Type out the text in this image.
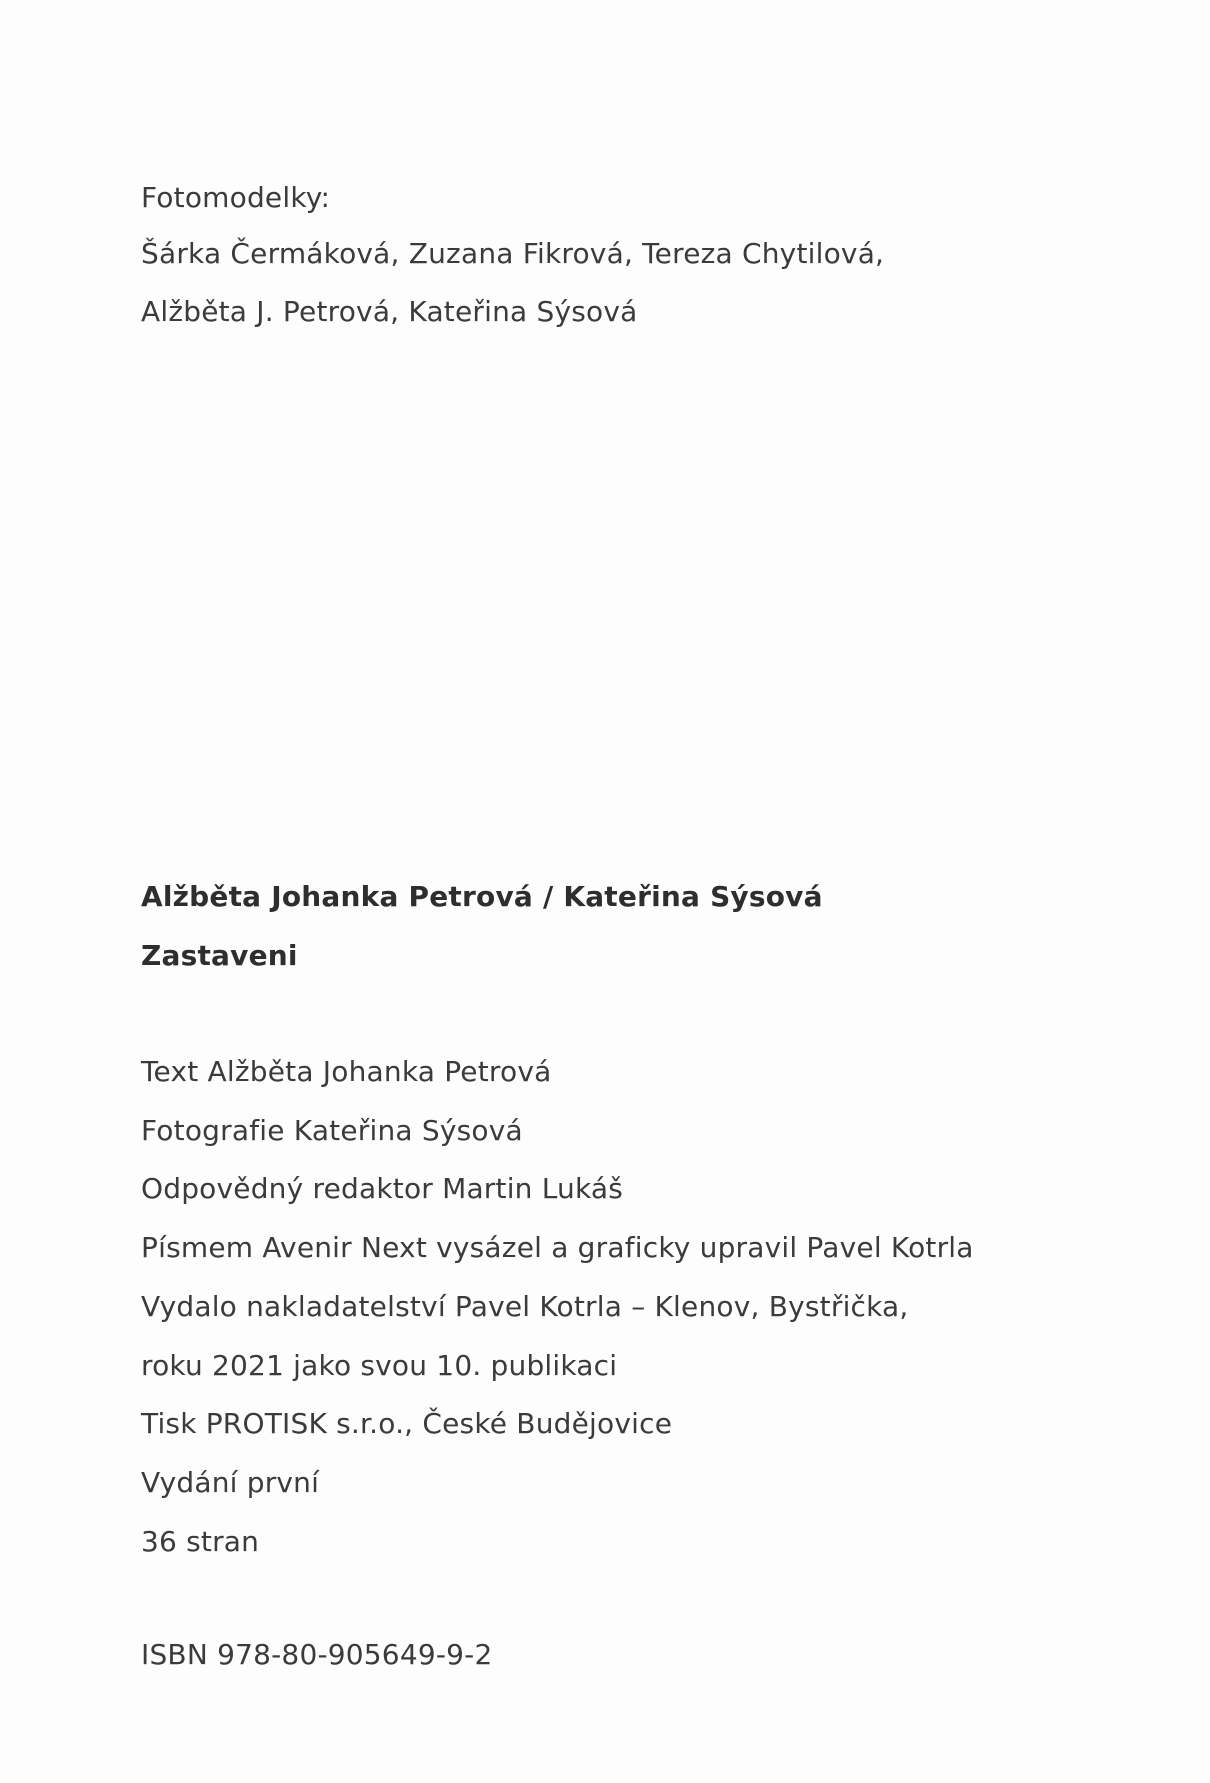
Fotomodelky:

Šárka Čermáková, Zuzana Fikrová, Tereza Chytilová,

Alžběta J. Petrová, Kateřina Sýsová

Alžběta Johanka Petrová / Kateřina Sýsová

Zastaveni

Text Alžběta Johanka Petrová

Fotografie Kateřina Sýsová

Odpovědný redaktor Martin Lukáš

Písmem Avenir Next vysázel a graficky upravil Pavel Kotrla

Vydalo nakladatelství Pavel Kotrla – Klenov, Bystřička,

roku 2021 jako svou 10. publikaci

Tisk PROTISK s.r.o., České Budějovice

Vydání první

36 stran

ISBN 978-80-905649-9-2
